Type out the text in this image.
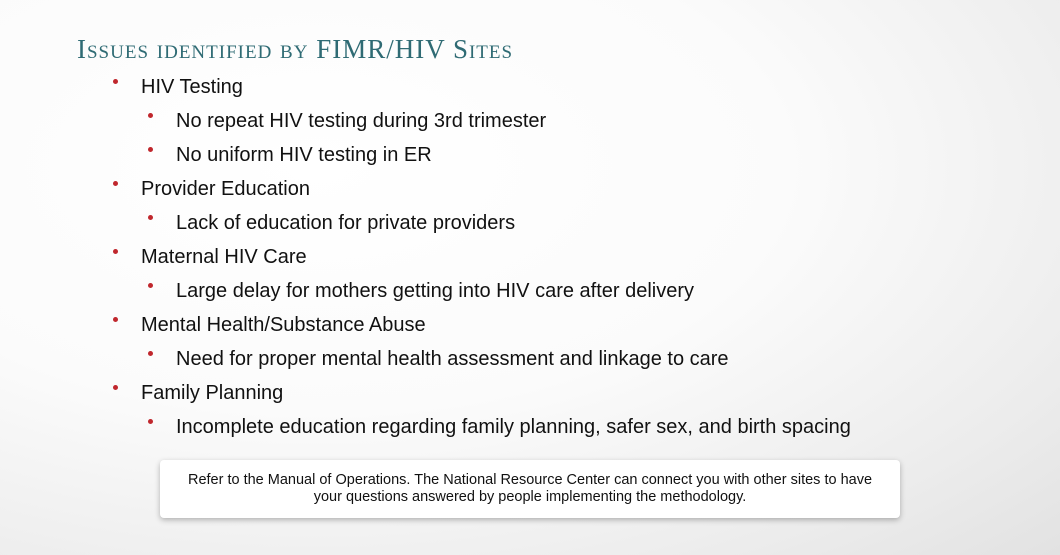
Issues identified by FIMR/HIV Sites
HIV Testing
No repeat HIV testing during 3rd trimester
No uniform HIV testing in ER
Provider Education
Lack of education for private providers
Maternal HIV Care
Large delay for mothers getting into HIV care after delivery
Mental Health/Substance Abuse
Need for proper mental health assessment and linkage to care
Family Planning
Incomplete education regarding family planning, safer sex, and birth spacing
Refer to the Manual of Operations. The National Resource Center can connect you with other sites to have your questions answered by people implementing the methodology.
